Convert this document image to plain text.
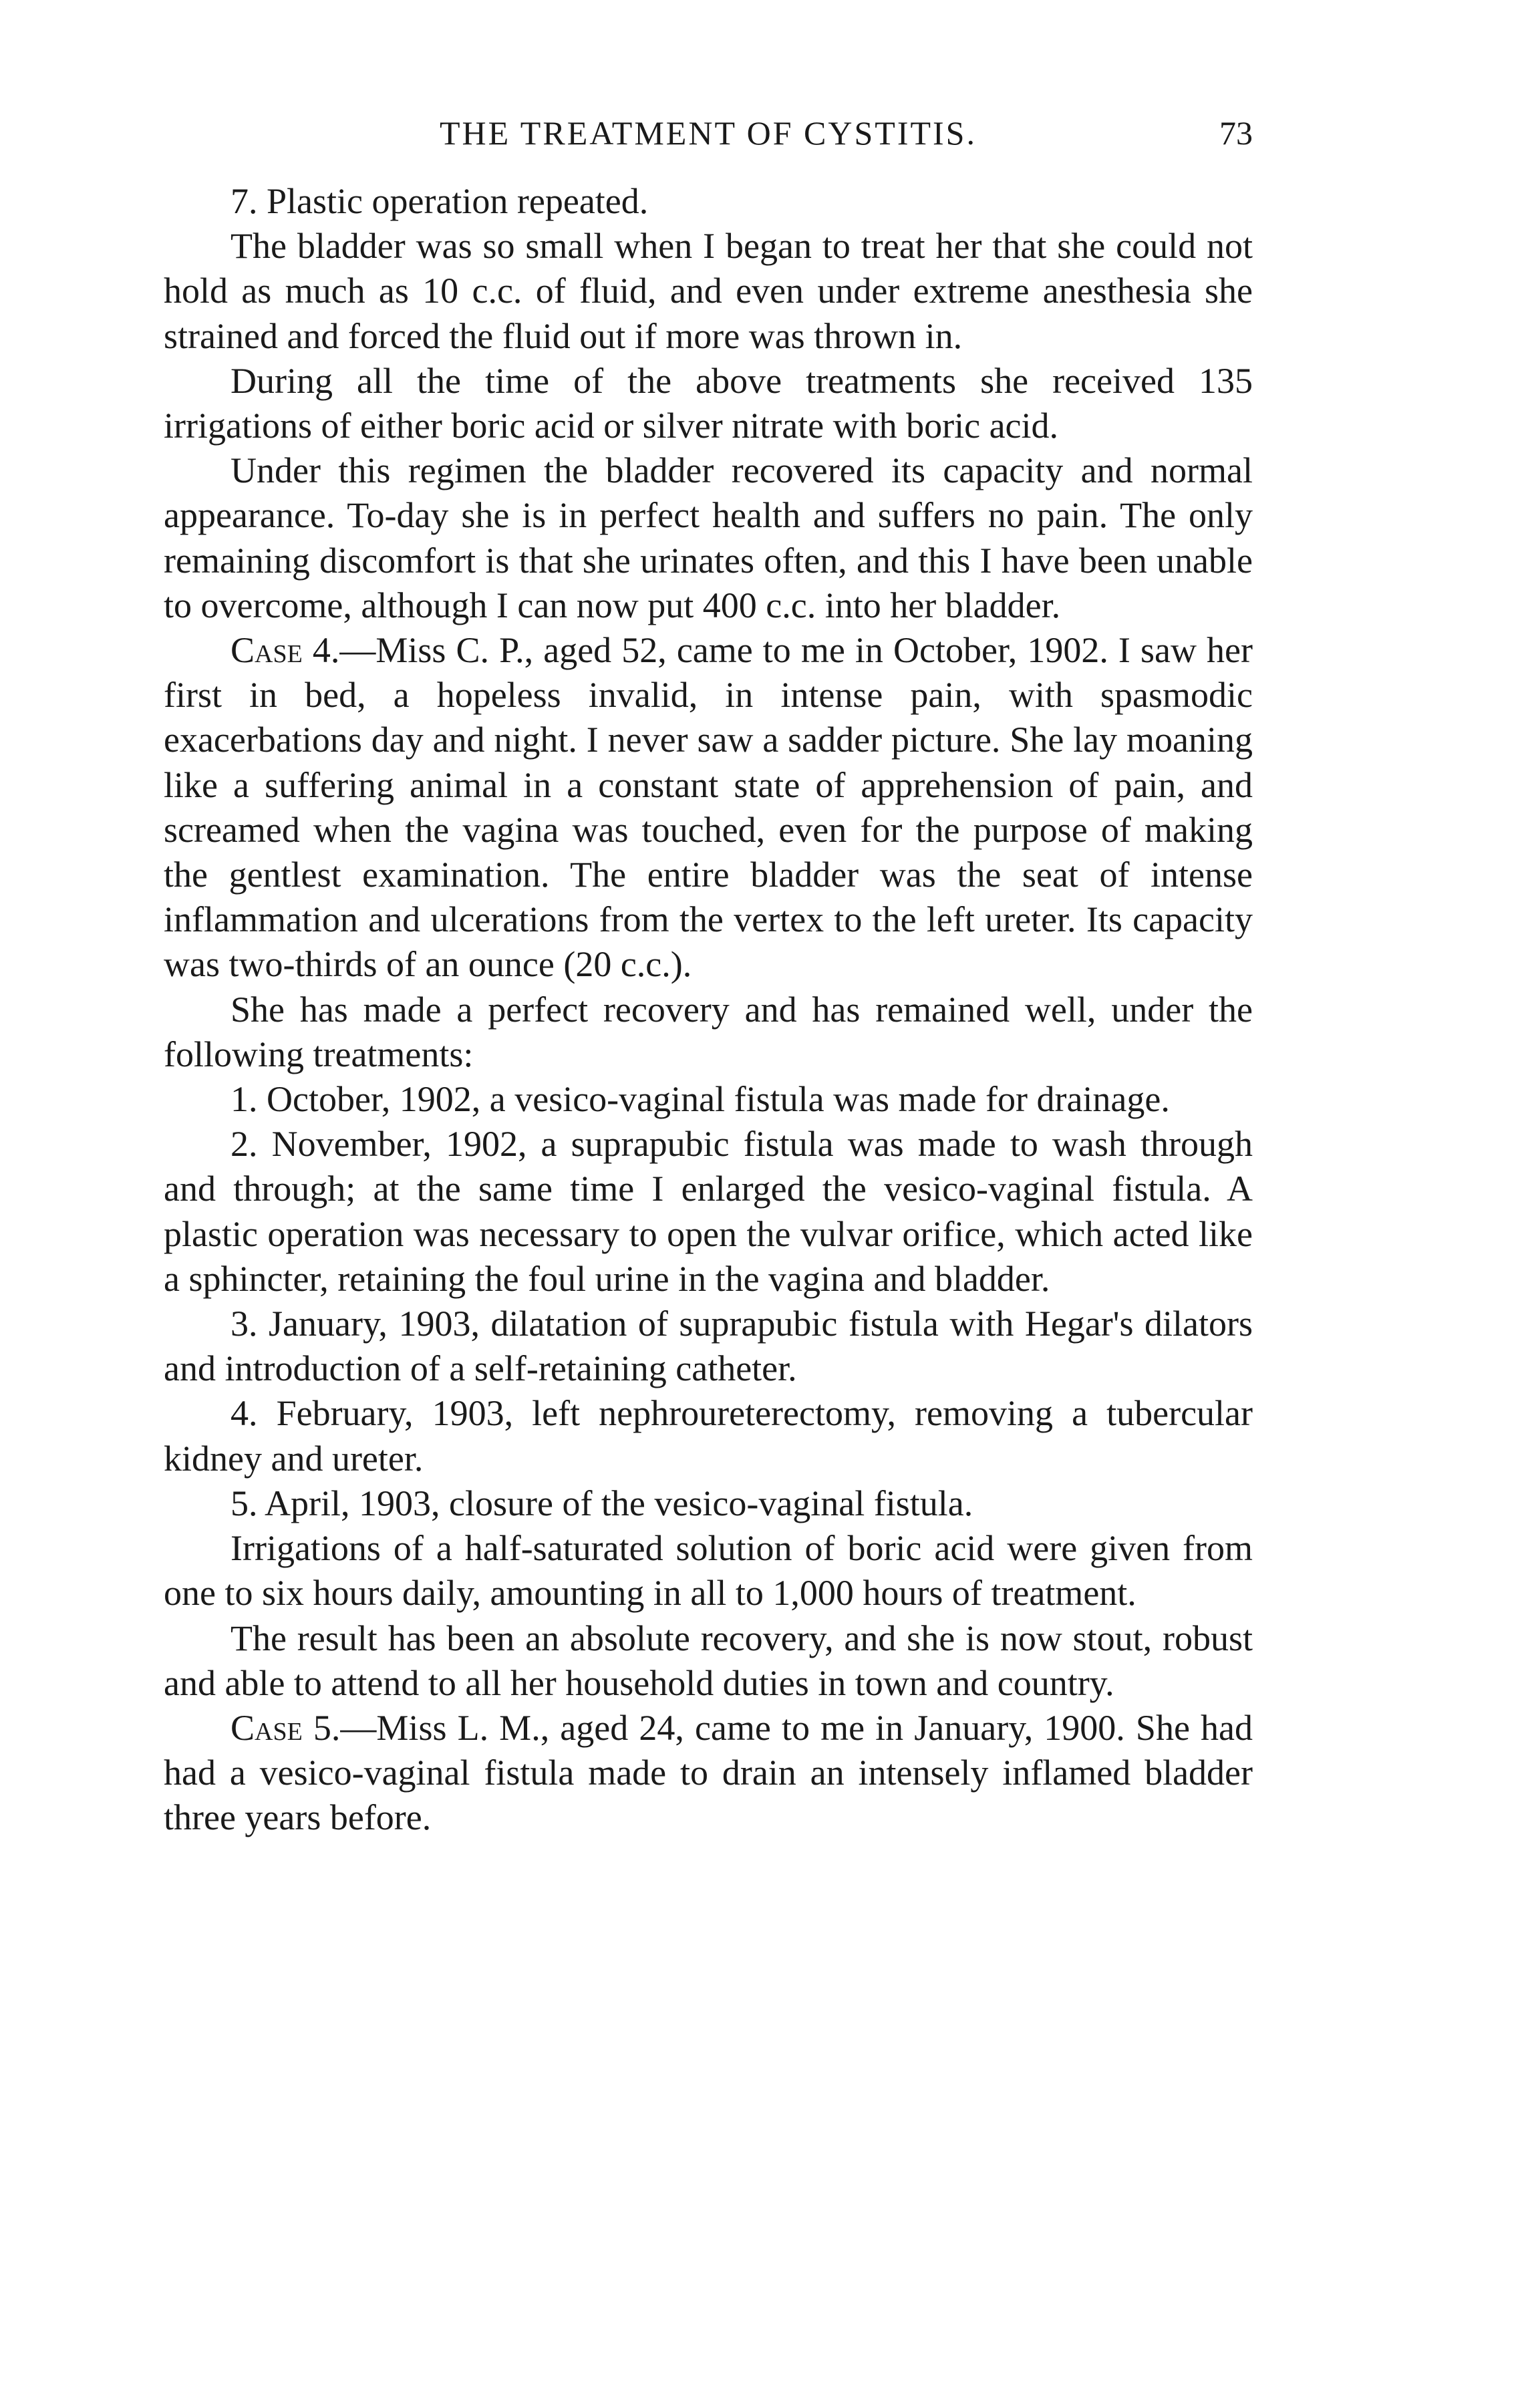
THE TREATMENT OF CYSTITIS.	73

7. Plastic operation repeated.

The bladder was so small when I began to treat her that she could not hold as much as 10 c.c. of fluid, and even under extreme anesthesia she strained and forced the fluid out if more was thrown in.

During all the time of the above treatments she received 135 irrigations of either boric acid or silver nitrate with boric acid.

Under this regimen the bladder recovered its capacity and normal appearance. To-day she is in perfect health and suffers no pain. The only remaining discomfort is that she urinates often, and this I have been unable to overcome, although I can now put 400 c.c. into her bladder.

Case 4.—Miss C. P., aged 52, came to me in October, 1902. I saw her first in bed, a hopeless invalid, in intense pain, with spasmodic exacerbations day and night. I never saw a sadder picture. She lay moaning like a suffering animal in a constant state of apprehension of pain, and screamed when the vagina was touched, even for the purpose of making the gentlest examination. The entire bladder was the seat of intense inflammation and ulcerations from the vertex to the left ureter. Its capacity was two-thirds of an ounce (20 c.c.).

She has made a perfect recovery and has remained well, under the following treatments:

1. October, 1902, a vesico-vaginal fistula was made for drainage.

2. November, 1902, a suprapubic fistula was made to wash through and through; at the same time I enlarged the vesico-vaginal fistula. A plastic operation was necessary to open the vulvar orifice, which acted like a sphincter, retaining the foul urine in the vagina and bladder.

3. January, 1903, dilatation of suprapubic fistula with Hegar's dilators and introduction of a self-retaining catheter.

4. February, 1903, left nephroureterectomy, removing a tubercular kidney and ureter.

5. April, 1903, closure of the vesico-vaginal fistula.

Irrigations of a half-saturated solution of boric acid were given from one to six hours daily, amounting in all to 1,000 hours of treatment.

The result has been an absolute recovery, and she is now stout, robust and able to attend to all her household duties in town and country.

Case 5.—Miss L. M., aged 24, came to me in January, 1900. She had had a vesico-vaginal fistula made to drain an intensely inflamed bladder three years before.
